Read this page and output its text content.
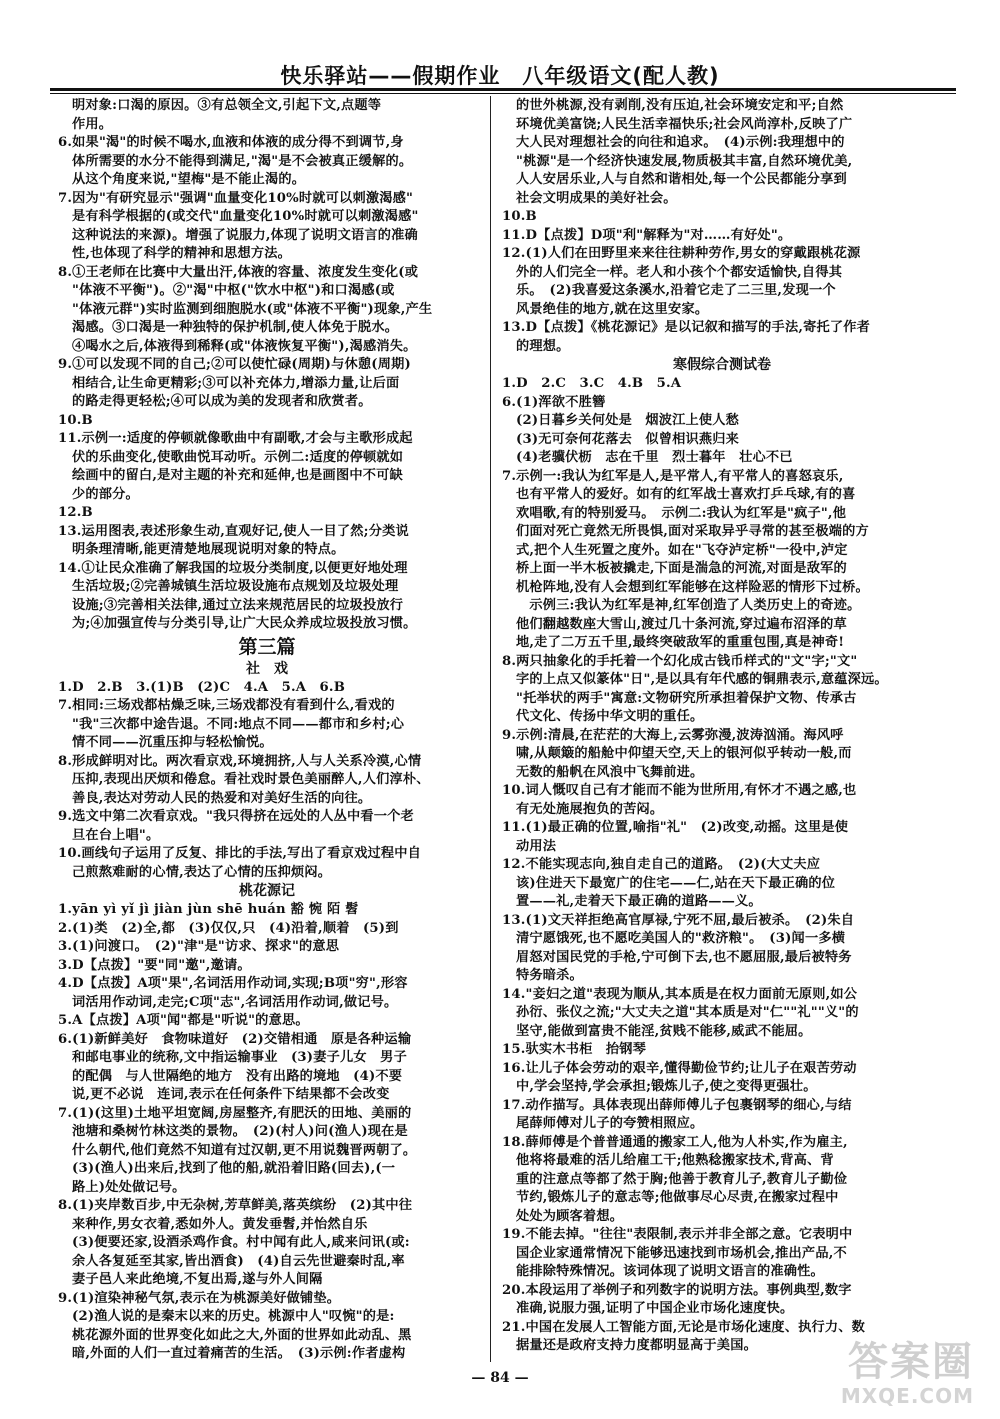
快乐驿站——假期作业　八年级语文(配人教)
明对象:口渴的原因。③有总领全文,引起下文,点题等
作用。
6.如果"渴"的时候不喝水,血液和体液的成分得不到调节,身
体所需要的水分不能得到满足,"渴"是不会被真正缓解的。
从这个角度来说,"望梅"是不能止渴的。
7.因为"有研究显示"强调"血量变化10%时就可以刺激渴感"
是有科学根据的(或交代"血量变化10%时就可以刺激渴感"
这种说法的来源)。增强了说服力,体现了说明文语言的准确
性,也体现了科学的精神和思想方法。
8.①王老师在比赛中大量出汗,体液的容量、浓度发生变化(或
"体液不平衡")。②"渴"中枢("饮水中枢")和口渴感(或
"体液元群")实时监测到细胞脱水(或"体液不平衡")现象,产生
渴感。③口渴是一种独特的保护机制,使人体免于脱水。
④喝水之后,体液得到稀释(或"体液恢复平衡"),渴感消失。
9.①可以发现不同的自己;②可以使忙碌(周期)与休憩(周期)
相结合,让生命更精彩;③可以补充体力,增添力量,让后面
的路走得更轻松;④可以成为美的发现者和欣赏者。
10.B
11.示例一:适度的停顿就像歌曲中有副歌,才会与主歌形成起
伏的乐曲变化,使歌曲悦耳动听。示例二:适度的停顿就如
绘画中的留白,是对主题的补充和延伸,也是画图中不可缺
少的部分。
12.B
13.运用图表,表述形象生动,直观好记,使人一目了然;分类说
明条理清晰,能更清楚地展现说明对象的特点。
14.①让民众准确了解我国的垃圾分类制度,以便更好地处理
生活垃圾;②完善城镇生活垃圾设施布点规划及垃圾处理
设施;③完善相关法律,通过立法来规范居民的垃圾投放行
为;④加强宣传与分类引导,让广大民众养成垃圾投放习惯。
第三篇
社　戏
1.D　2.B　3.(1)B　(2)C　4.A　5.A　6.B
7.相同:三场戏都枯燥乏味,三场戏都没有看到什么,看戏的
"我"三次都中途告退。不同:地点不同——都市和乡村;心
情不同——沉重压抑与轻松愉悦。
8.形成鲜明对比。两次看京戏,环境拥挤,人与人关系冷漠,心情
压抑,表现出厌烦和倦怠。看社戏时景色美丽醉人,人们淳朴、
善良,表达对劳动人民的热爱和对美好生活的向往。
9.选文中第二次看京戏。"我只得挤在远处的人丛中看一个老
旦在台上唱"。
10.画线句子运用了反复、排比的手法,写出了看京戏过程中自
己煎熬难耐的心情,表达了心情的压抑烦闷。
桃花源记
1.yān yì yǐ jì jiàn jùn shē huán 豁 惋 陌 髫
2.(1)类　(2)全,都　(3)仅仅,只　(4)沿着,顺着　(5)到
3.(1)问渡口。　(2)"津"是"访求、探求"的意思
3.D【点拨】"要"同"邀",邀请。
4.D【点拨】A项"果",名词活用作动词,实现;B项"穷",形容
词活用作动词,走完;C项"志",名词活用作动词,做记号。
5.A【点拨】A项"闻"都是"听说"的意思。
6.(1)新鲜美好　食物味道好　(2)交错相通　原是各种运输
和邮电事业的统称,文中指运输事业　(3)妻子儿女　男子
的配偶　与人世隔绝的地方　没有出路的境地　(4)不要
说,更不必说　连词,表示在任何条件下结果都不会改变
7.(1)(这里)土地平坦宽阔,房屋整齐,有肥沃的田地、美丽的
池塘和桑树竹林这类的景物。　(2)(村人)问(渔人)现在是
什么朝代,他们竟然不知道有过汉朝,更不用说魏晋两朝了。
(3)(渔人)出来后,找到了他的船,就沿着旧路(回去),(一
路上)处处做记号。
8.(1)夹岸数百步,中无杂树,芳草鲜美,落英缤纷　(2)其中往
来种作,男女衣着,悉如外人。黄发垂髫,并怡然自乐
(3)便要还家,设酒杀鸡作食。村中闻有此人,咸来问讯(或:
余人各复延至其家,皆出酒食)　(4)自云先世避秦时乱,率
妻子邑人来此绝境,不复出焉,遂与外人间隔
9.(1)渲染神秘气氛,表示在为桃源美好做铺垫。
(2)渔人说的是秦末以来的历史。桃源中人"叹惋"的是:
桃花源外面的世界变化如此之大,外面的世界如此动乱、黑
暗,外面的人们一直过着痛苦的生活。　(3)示例:作者虚构
的世外桃源,没有剥削,没有压迫,社会环境安定和平;自然
环境优美富饶;人民生活幸福快乐;社会风尚淳朴,反映了广
大人民对理想社会的向往和追求。　(4)示例:我理想中的
"桃源"是一个经济快速发展,物质极其丰富,自然环境优美,
人人安居乐业,人与自然和谐相处,每一个公民都能分享到
社会文明成果的美好社会。
10.B
11.D【点拨】D项"利"解释为"对……有好处"。
12.(1)人们在田野里来来往往耕种劳作,男女的穿戴跟桃花源
外的人们完全一样。老人和小孩个个都安适愉快,自得其
乐。　(2)我喜爱这条溪水,沿着它走了二三里,发现一个
风景绝佳的地方,就在这里安家。
13.D【点拨】《桃花源记》是以记叙和描写的手法,寄托了作者
的理想。
寒假综合测试卷
1.D　2.C　3.C　4.B　5.A
6.(1)浑欲不胜簪
(2)日暮乡关何处是　烟波江上使人愁
(3)无可奈何花落去　似曾相识燕归来
(4)老骥伏枥　志在千里　烈士暮年　壮心不已
7.示例一:我认为红军是人,是平常人,有平常人的喜怒哀乐,
也有平常人的爱好。如有的红军战士喜欢打乒乓球,有的喜
欢唱歌,有的特别爱马。　示例二:我认为红军是"疯子",他
们面对死亡竟然无所畏惧,面对采取异乎寻常的甚至极端的方
式,把个人生死置之度外。如在"飞夺泸定桥"一役中,泸定
桥上面一半木板被撬走,下面是湍急的河流,对面是敌军的
机枪阵地,没有人会想到红军能够在这样险恶的情形下过桥。
　示例三:我认为红军是神,红军创造了人类历史上的奇迹。
他们翻越数座大雪山,渡过几十条河流,穿过遍布沼泽的草
地,走了二万五千里,最终突破敌军的重重包围,真是神奇!
8.两只抽象化的手托着一个幻化成古钱币样式的"文"字;"文"
字的上点又似篆体"日",是以具有年代感的铜鼎表示,意蕴深远。
"托举状的两手"寓意:文物研究所承担着保护文物、传承古
代文化、传扬中华文明的重任。
9.示例:清晨,在茫茫的大海上,云雾弥漫,波涛汹涌。海风呼
啸,从颠簸的船舱中仰望天空,天上的银河似乎转动一般,而
无数的船帆在风浪中飞舞前进。
10.词人慨叹自己有才能而不能为世所用,有怀才不遇之感,也
有无处施展抱负的苦闷。
11.(1)最正确的位置,喻指"礼"　(2)改变,动摇。这里是使
动用法
12.不能实现志向,独自走自己的道路。　(2)(大丈夫应
该)住进天下最宽广的住宅——仁,站在天下最正确的位
置——礼,走着天下最正确的道路——义。
13.(1)文天祥拒绝高官厚禄,宁死不屈,最后被杀。　(2)朱自
清宁愿饿死,也不愿吃美国人的"救济粮"。　(3)闻一多横
眉怒对国民党的手枪,宁可倒下去,也不愿屈服,最后被特务
特务暗杀。
14."妾妇之道"表现为顺从,其本质是在权力面前无原则,如公
孙衍、张仪之流;"大丈夫之道"其本质是对"仁""礼""义"的
坚守,能做到富贵不能淫,贫贱不能移,威武不能屈。
15.驮实木书柜　抬钢琴
16.让儿子体会劳动的艰辛,懂得勤俭节约;让儿子在艰苦劳动
中,学会坚持,学会承担;锻炼儿子,使之变得更强壮。
17.动作描写。具体表现出薛师傅儿子包裹钢琴的细心,与结
尾薛师傅对儿子的夸赞相照应。
18.薛师傅是个普普通通的搬家工人,他为人朴实,作为雇主,
他将将最难的活儿给雇工干;他熟稔搬家技术,背高、背
重的注意点等都了然于胸;他善于教育儿子,教育儿子勤俭
节约,锻炼儿子的意志等;他做事尽心尽责,在搬家过程中
处处为顾客着想。
19.不能去掉。"往往"表限制,表示并非全部之意。它表明中
国企业家通常情况下能够迅速找到市场机会,推出产品,不
能排除特殊情况。该词体现了说明文语言的准确性。
20.本段运用了举例子和列数字的说明方法。事例典型,数字
准确,说服力强,证明了中国企业市场化速度快。
21.中国在发展人工智能方面,无论是市场化速度、执行力、数
据量还是政府支持力度都明显高于美国。
— 84 —	答案圈
MXQE.COM
